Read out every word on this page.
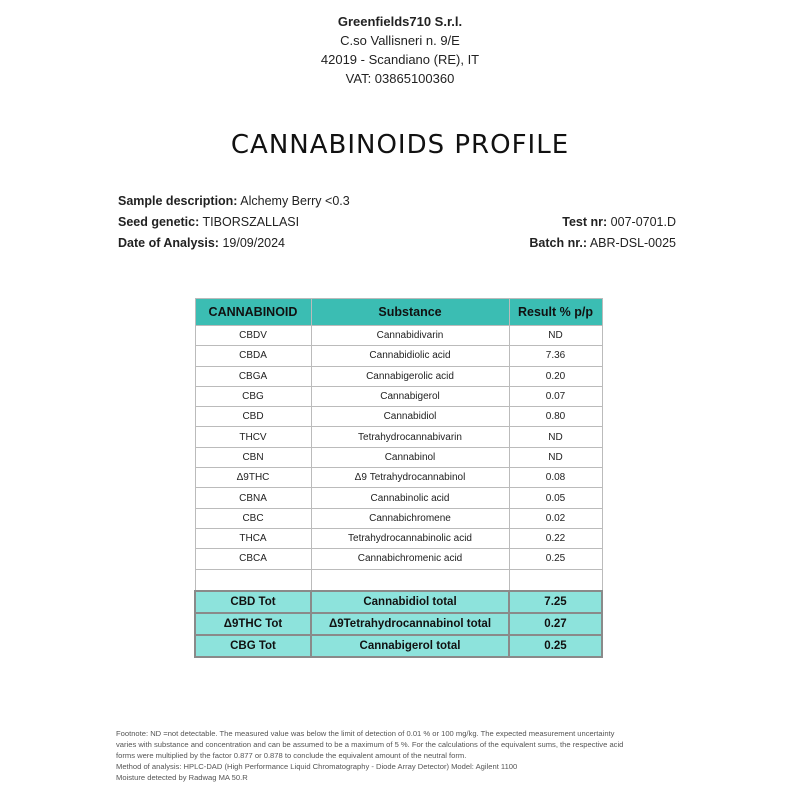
Greenfields710 S.r.l.
C.so Vallisneri n. 9/E
42019 - Scandiano (RE), IT
VAT: 03865100360
CANNABINOIDS PROFILE
Sample description: Alchemy Berry <0.3
Seed genetic: TIBORSZALLASI	Test nr: 007-0701.D
Date of Analysis: 19/09/2024	Batch nr.: ABR-DSL-0025
CANNABINOID	Substance	Result % p/p
CBDV	Cannabidivarin	ND
CBDA	Cannabidiolic acid	7.36
CBGA	Cannabigerolic acid	0.20
CBG	Cannabigerol	0.07
CBD	Cannabidiol	0.80
THCV	Tetrahydrocannabivarin	ND
CBN	Cannabinol	ND
Δ9THC	Δ9 Tetrahydrocannabinol	0.08
CBNA	Cannabinolic acid	0.05
CBC	Cannabichromene	0.02
THCA	Tetrahydrocannabinolic acid	0.22
CBCA	Cannabichromenic acid	0.25

CBD Tot	Cannabidiol total	7.25
Δ9THC Tot	Δ9Tetrahydrocannabinol total	0.27
CBG Tot	Cannabigerol total	0.25
Footnote: ND =not detectable. The measured value was below the limit of detection of 0.01 % or 100 mg/kg. The expected measurement uncertainty
varies with substance and concentration and can be assumed to be a maximum of 5 %. For the calculations of the equivalent sums, the respective acid
forms were multiplied by the factor 0.877 or 0.878 to conclude the equivalent amount of the neutral form.
Method of analysis: HPLC-DAD (High Performance Liquid Chromatography - Diode Array Detector) Model: Agilent 1100
Moisture detected by Radwag MA 50.R
